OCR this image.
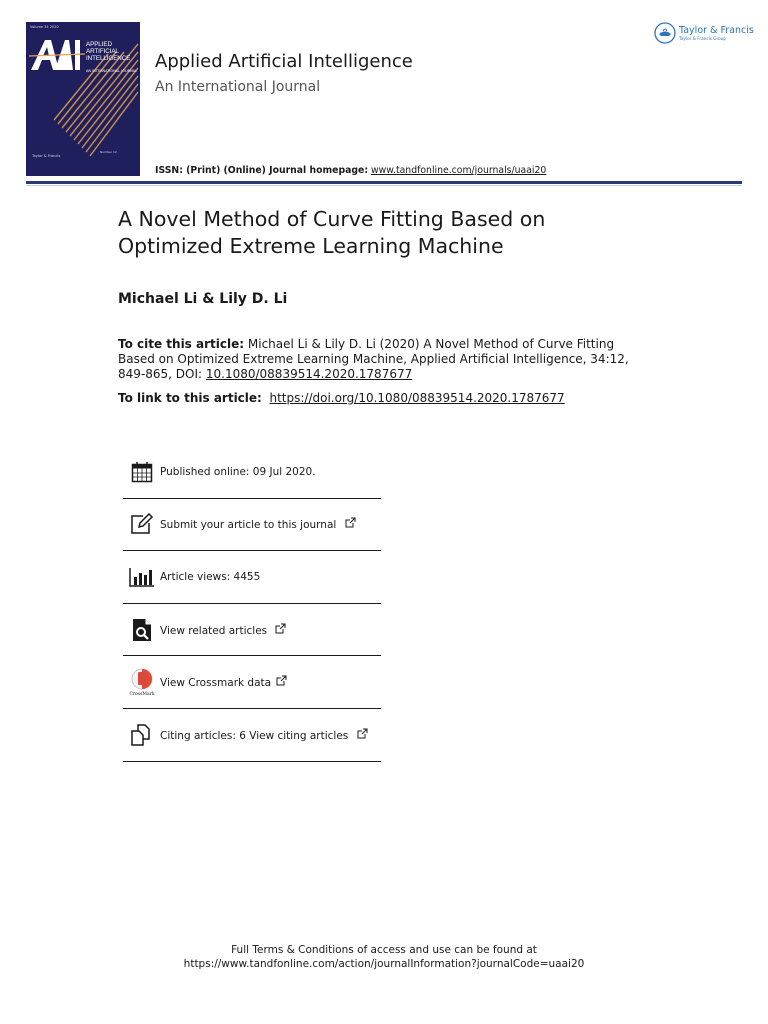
Volume 34 2020
APPLIED
ARTIFICIAL
INTELLIGENCE
AN INTERNATIONAL JOURNAL
Taylor & Francis
Number 12
Applied Artificial Intelligence
An International Journal
ISSN: (Print) (Online) Journal homepage: www.tandfonline.com/journals/uaai20
Taylor & Francis
Taylor & Francis Group
A Novel Method of Curve Fitting Based on Optimized Extreme Learning Machine
Michael Li & Lily D. Li
To cite this article: Michael Li & Lily D. Li (2020) A Novel Method of Curve Fitting Based on Optimized Extreme Learning Machine, Applied Artificial Intelligence, 34:12, 849-865, DOI: 10.1080/08839514.2020.1787677
To link to this article: https://doi.org/10.1080/08839514.2020.1787677
Published online: 09 Jul 2020.
Submit your article to this journal
Article views: 4455
View related articles
CrossMark
View Crossmark data
Citing articles: 6 View citing articles
Full Terms & Conditions of access and use can be found at
https://www.tandfonline.com/action/journalInformation?journalCode=uaai20
